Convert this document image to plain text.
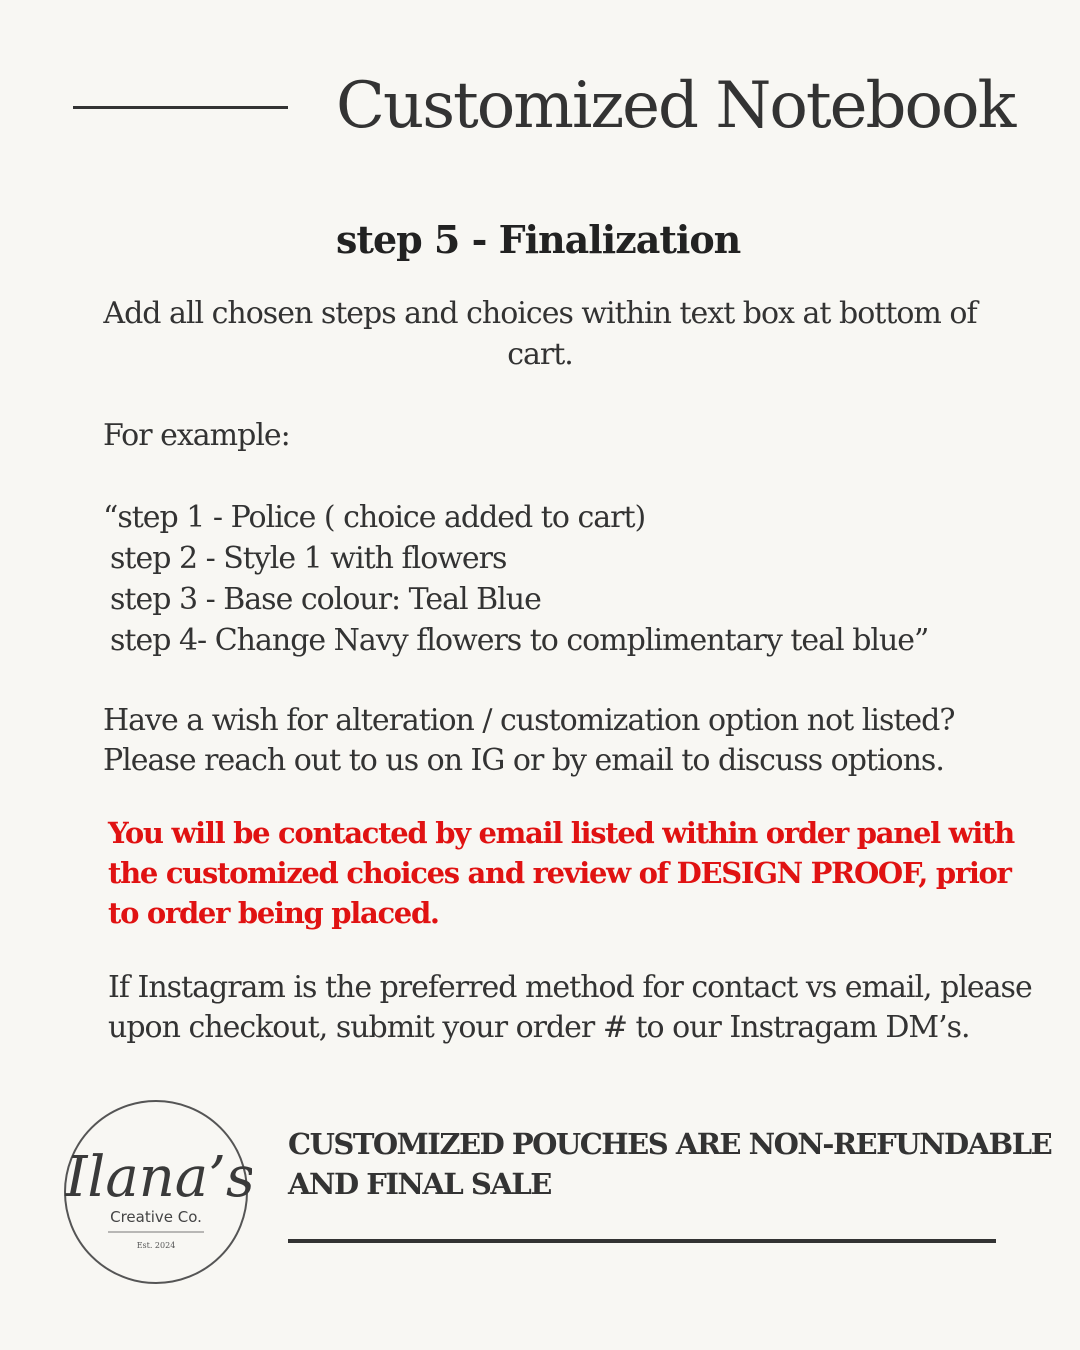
Customized Notebook
step 5 - Finalization

Add all chosen steps and choices within text box at bottom of cart.

For example:

“step 1 - Police ( choice added to cart)

step 2 - Style 1 with flowers

step 3 - Base colour: Teal Blue

step 4- Change Navy flowers to complimentary teal blue”

Have a wish for alteration / customization option not listed?

Please reach out to us on IG or by email to discuss options.

You will be contacted by email listed within order panel with
the customized choices and review of DESIGN PROOF, prior
to order being placed.

If Instagram is the preferred method for contact vs email, please

upon checkout, submit your order # to our Instragam DM’s.

Ilana’s
Creative Co.
Est. 2024
CUSTOMIZED POUCHES ARE NON-REFUNDABLE
AND FINAL SALE
